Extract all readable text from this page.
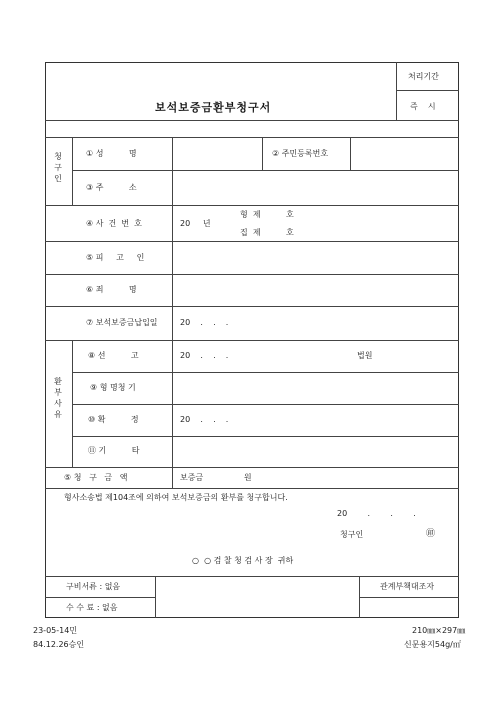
보석보증금환부청구서
처리기간
즉    시
청
구
인
① 성          명	② 주민등록번호
③ 주          소
④ 사  건  번  호	20     년
형  제          호
집  제          호
⑤ 피     고     인
⑥ 죄          명
⑦ 보석보증금납입일	20    .    .    .
환
부
사
유
⑧ 선          고	20    .    .    .	법원
⑨ 형 명청 기
⑩ 확          정	20    .    .    .
⑪ 기          타
⑤ 청   구   금   액	보증금                원
형사소송법 제104조에 의하여 보석보증금의 환부를 청구합니다.
20        .        .        .
청구인	㊞
○  ○ 검 찰 청 검 사 장  귀하
구비서류 : 없음
수 수 료 : 없음
관계부책대조자
23-05-14민
84.12.26승인
210㎜×297㎜
신문용지54g/㎡
